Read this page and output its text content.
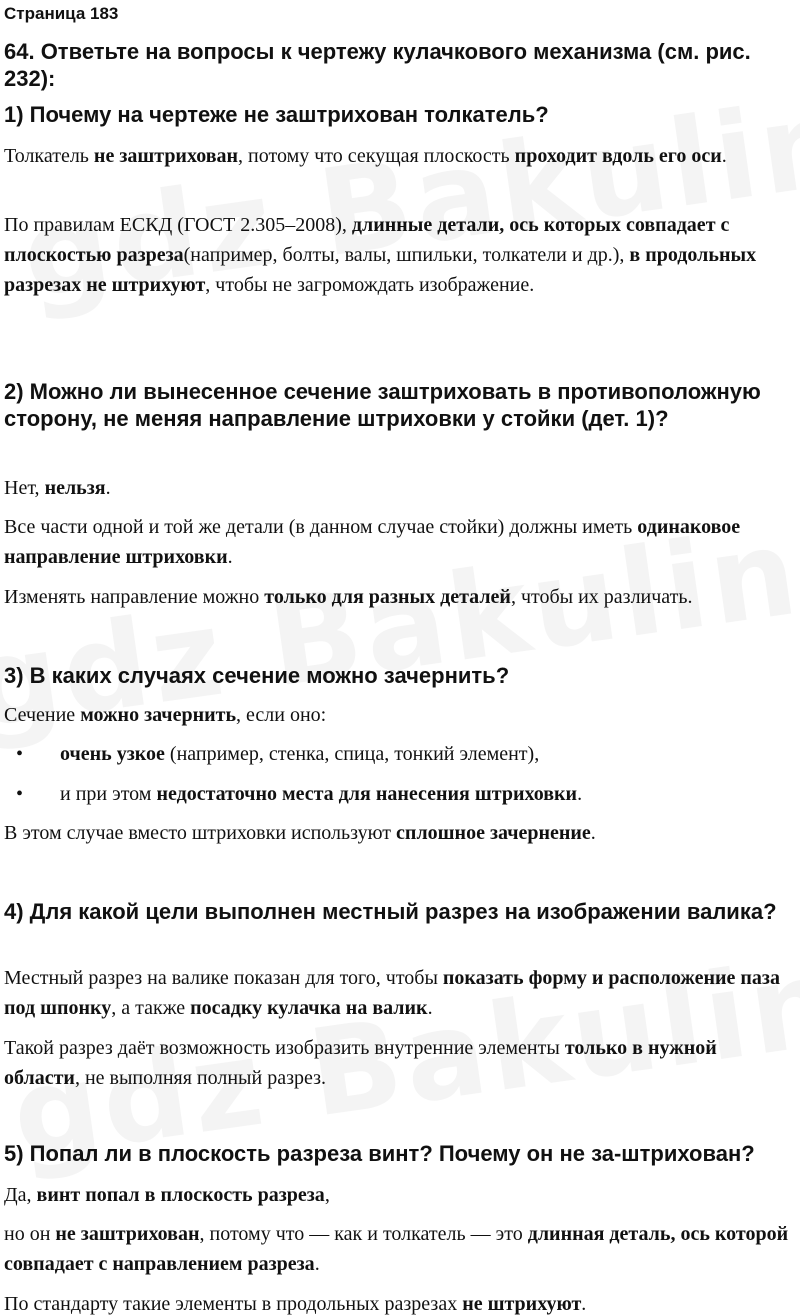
Страница 183
64. Ответьте на вопросы к чертежу кулачкового механизма (см. рис. 232):
1) Почему на чертеже не заштрихован толкатель?
Толкатель не заштрихован, потому что секущая плоскость проходит вдоль его оси.
По правилам ЕСКД (ГОСТ 2.305–2008), длинные детали, ось которых совпадает с плоскостью разреза(например, болты, валы, шпильки, толкатели и др.), в продольных разрезах не штрихуют, чтобы не загромождать изображение.
2) Можно ли вынесенное сечение заштриховать в противоположную сторону, не меняя направление штриховки у стойки (дет. 1)?
Нет, нельзя.
Все части одной и той же детали (в данном случае стойки) должны иметь одинаковое направление штриховки.
Изменять направление можно только для разных деталей, чтобы их различать.
3) В каких случаях сечение можно зачернить?
Сечение можно зачернить, если оно:
• очень узкое (например, стенка, спица, тонкий элемент),
• и при этом недостаточно места для нанесения штриховки.
В этом случае вместо штриховки используют сплошное зачернение.
4) Для какой цели выполнен местный разрез на изображении валика?
Местный разрез на валике показан для того, чтобы показать форму и расположение паза под шпонку, а также посадку кулачка на валик.
Такой разрез даёт возможность изобразить внутренние элементы только в нужной области, не выполняя полный разрез.
5) Попал ли в плоскость разреза винт? Почему он не за-штрихован?
Да, винт попал в плоскость разреза,
но он не заштрихован, потому что — как и толкатель — это длинная деталь, ось которой совпадает с направлением разреза.
По стандарту такие элементы в продольных разрезах не штрихуют.
